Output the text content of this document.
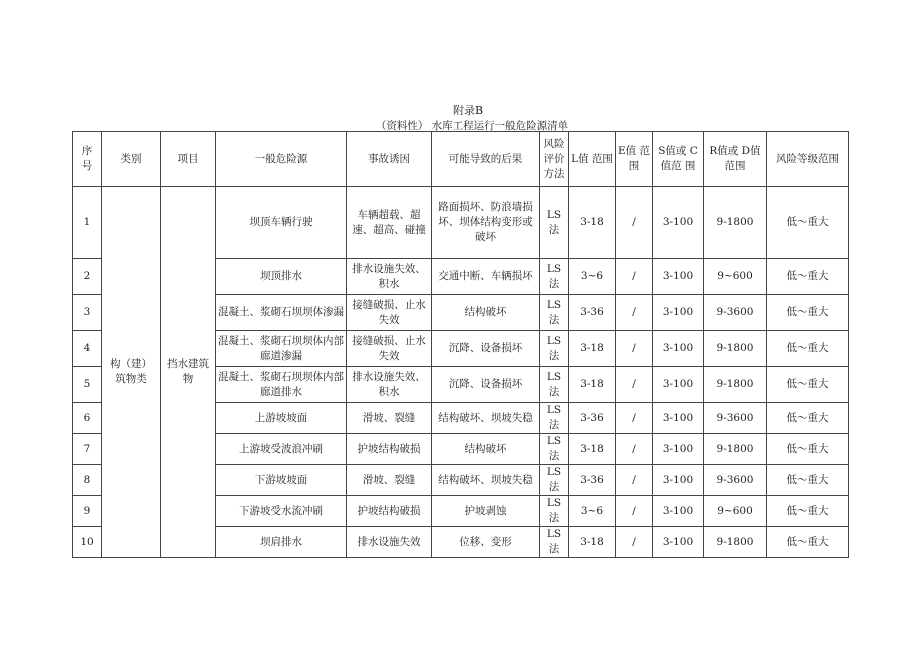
附录B
（资料性） 水库工程运行一般危险源清单
序 号	类别	项目	一般危险源	事故诱因	可能导致的后果	风险评价方法	L值 范围	E值 范围	S值或 C值范 围	R值或 D值范围	风险等级范围
1	构（建）筑物类	挡水建筑物	坝顶车辆行驶	车辆超载、超速、超高、碰撞	路面损坏、防浪墙损坏、坝体结构变形或破坏	LS法	3-18	/	3-100	9-1800	低～重大
2			坝顶排水	排水设施失效、积水	交通中断、车辆损坏	LS法	3~6	/	3-100	9~600	低～重大
3			混凝土、浆砌石坝坝体渗漏	接缝破损、止水失效	结构破坏	LS法	3-36	/	3-100	9-3600	低～重大
4			混凝土、浆砌石坝坝体内部廊道渗漏	接缝破损、止水失效	沉降、设备损坏	LS法	3-18	/	3-100	9-1800	低～重大
5			混凝土、浆砌石坝坝体内部廊道排水	排水设施失效、积水	沉降、设备损坏	LS法	3-18	/	3-100	9-1800	低～重大
6			上游坡坡面	滑坡、裂缝	结构破坏、坝坡失稳	LS法	3-36	/	3-100	9-3600	低～重大
7			上游坡受波浪冲刷	护坡结构破损	结构破坏	LS法	3-18	/	3-100	9-1800	低～重大
8			下游坡坡面	滑坡、裂缝	结构破坏、坝坡失稳	LS法	3-36	/	3-100	9-3600	低～重大
9			下游坡受水流冲刷	护坡结构破损	护坡剥蚀	LS法	3~6	/	3-100	9~600	低～重大
10			坝肩排水	排水设施失效	位移、变形	LS法	3-18	/	3-100	9-1800	低～重大
